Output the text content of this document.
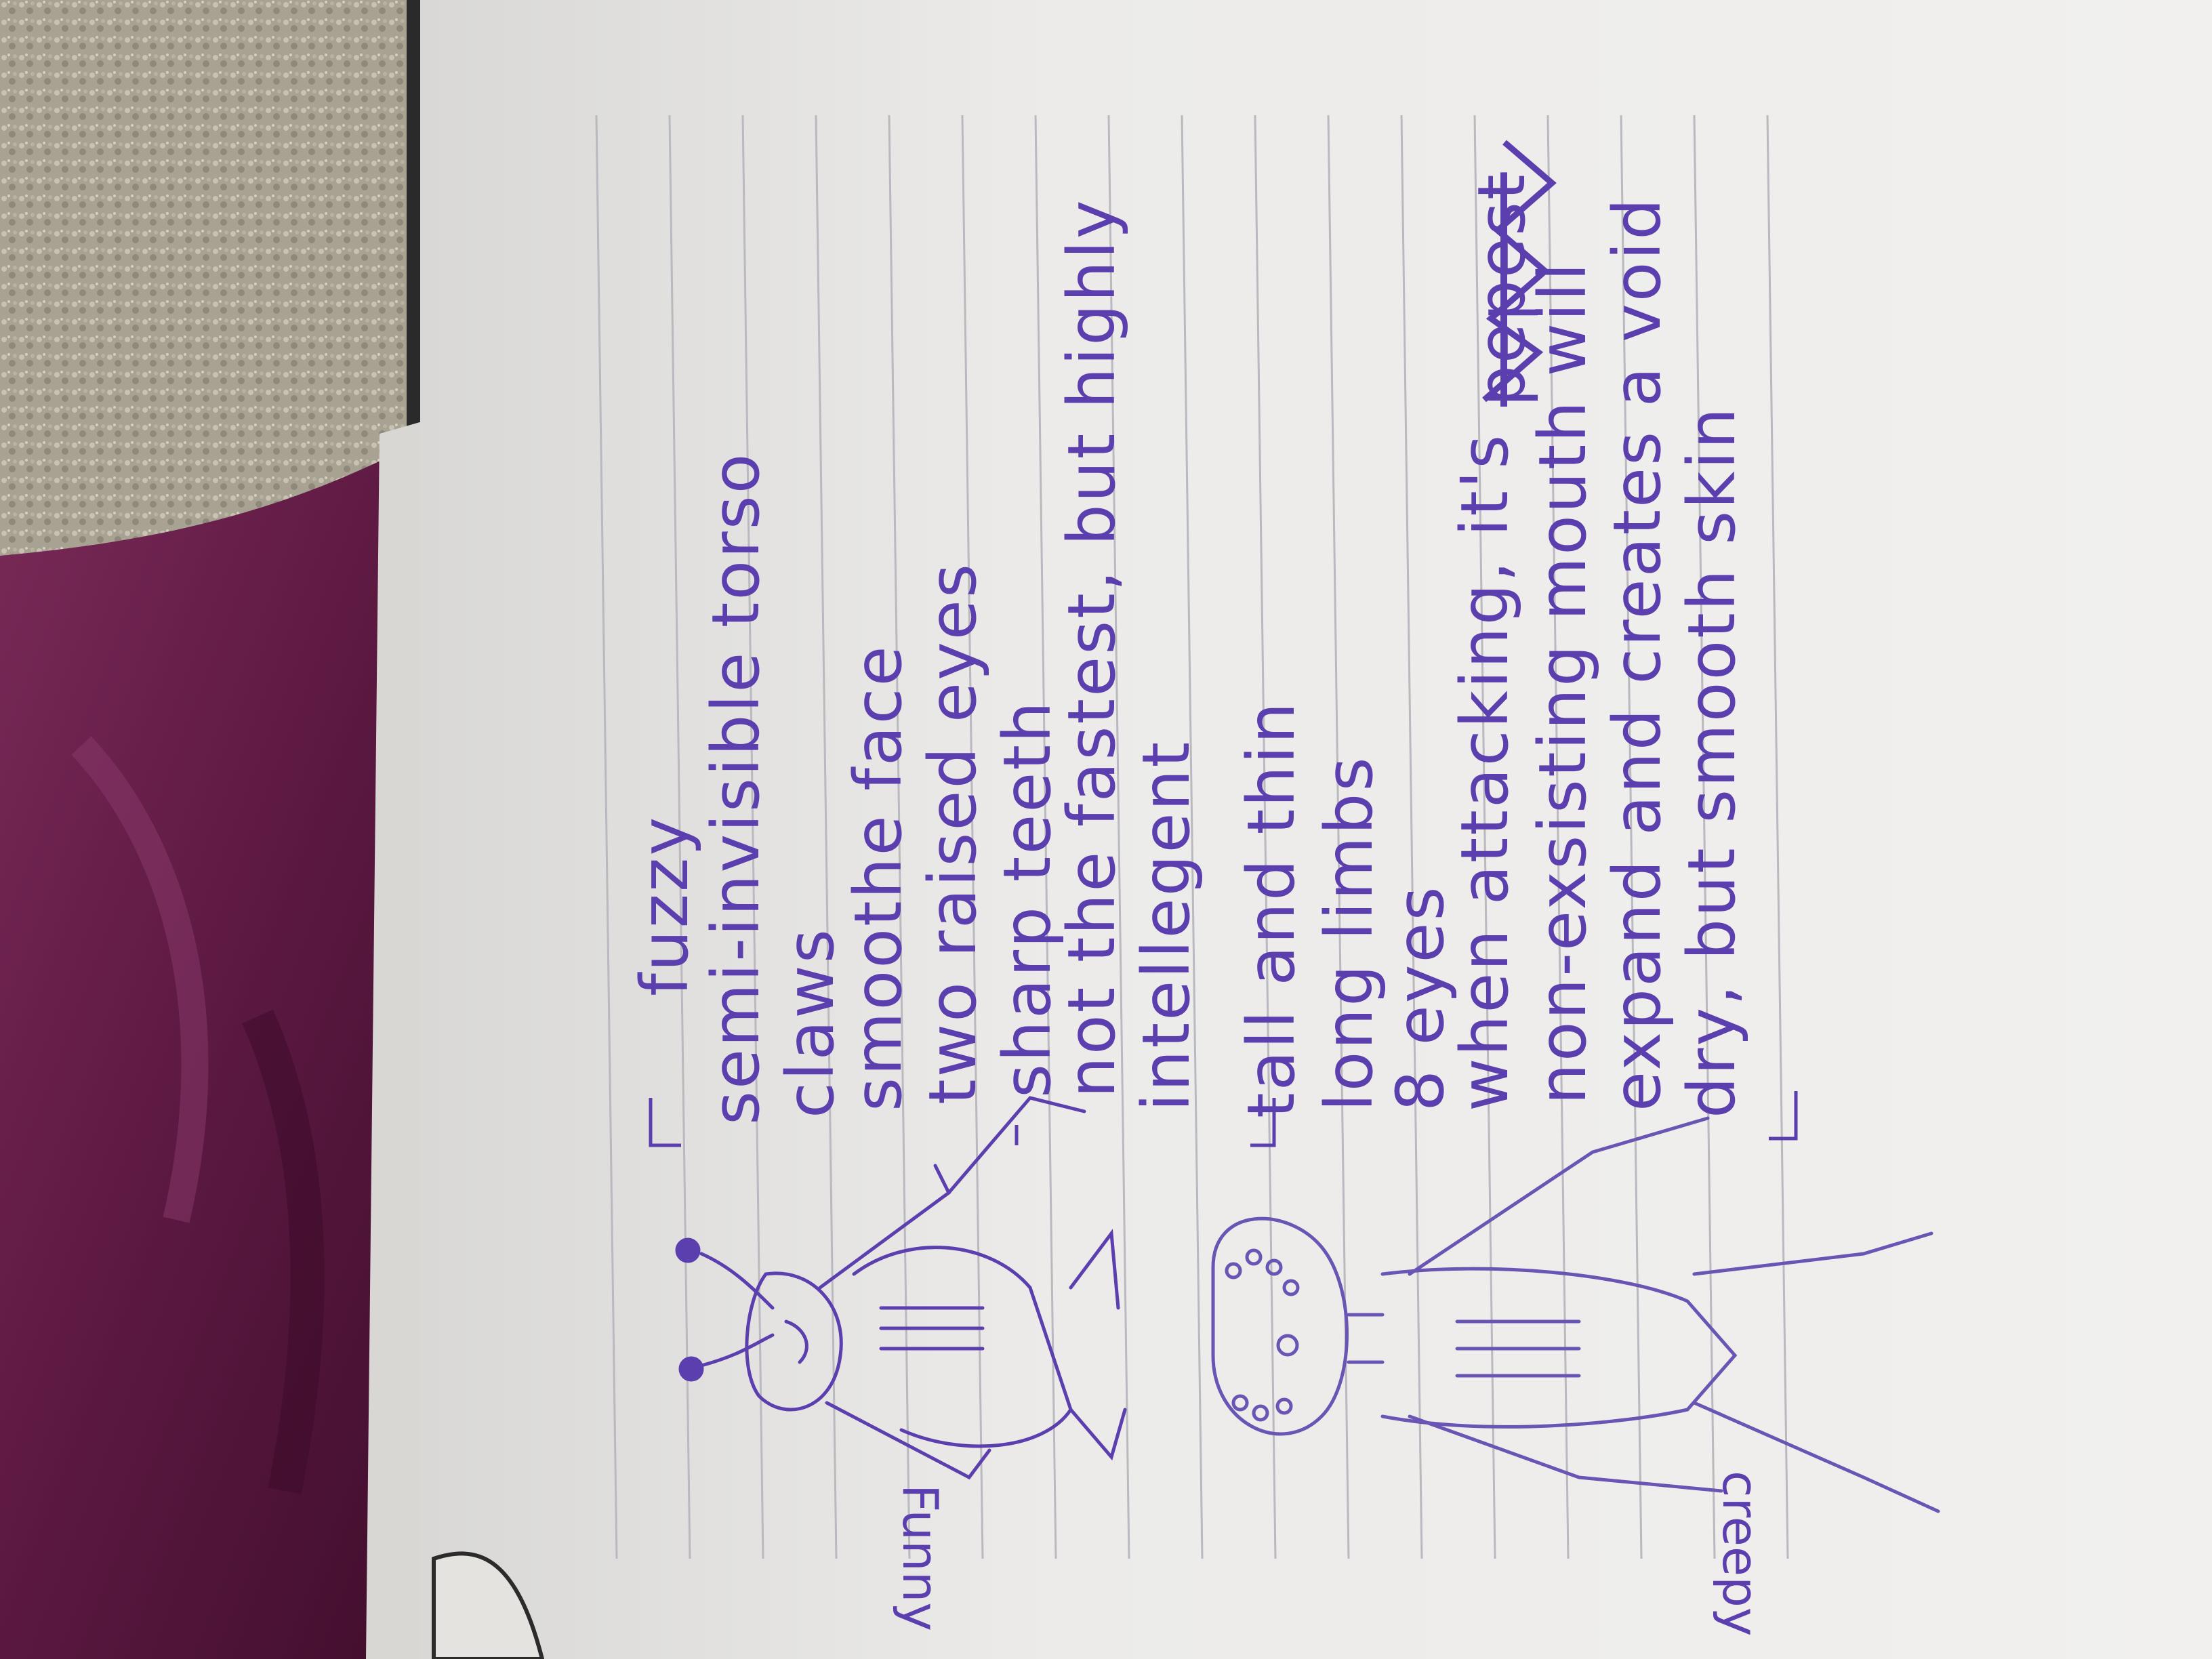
Funny	creepy
fuzzy
semi-invisible torso
claws
smoothe face
two raised eyes
sharp teeth
not the fastest, but highly
intellegent tall and thin long limbs
8 eyes
when attacking, it's
pepest
non-exsisting mouth will
expand and creates a void
dry, but smooth skin
